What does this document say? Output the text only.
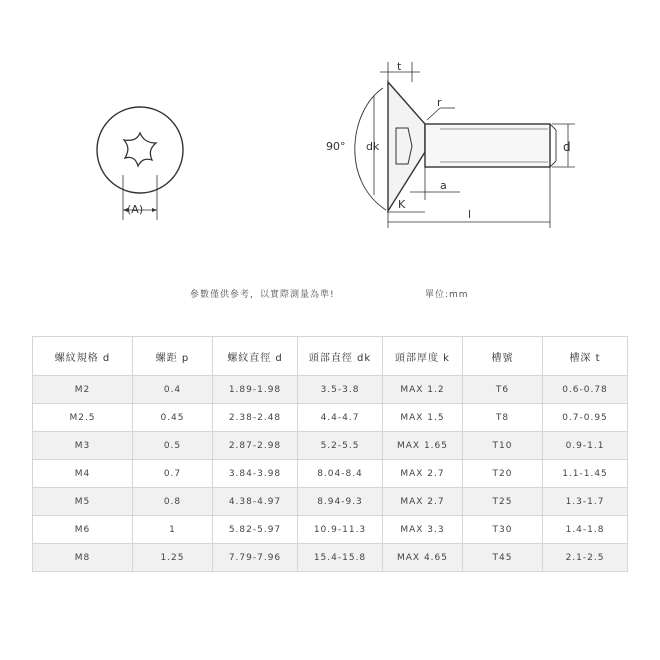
(A)
90° dk
t
r
d
a
K
l
參數僅供參考，以實際測量為準!	單位:mm
螺紋規格 d	螺距 p	螺紋直徑 d	頭部直徑 dk	頭部厚度 k	槽號	槽深 t
M2	0.4	1.89-1.98	3.5-3.8	MAX 1.2	T6	0.6-0.78
M2.5	0.45	2.38-2.48	4.4-4.7	MAX 1.5	T8	0.7-0.95
M3	0.5	2.87-2.98	5.2-5.5	MAX 1.65	T10	0.9-1.1
M4	0.7	3.84-3.98	8.04-8.4	MAX 2.7	T20	1.1-1.45
M5	0.8	4.38-4.97	8.94-9.3	MAX 2.7	T25	1.3-1.7
M6	1	5.82-5.97	10.9-11.3	MAX 3.3	T30	1.4-1.8
M8	1.25	7.79-7.96	15.4-15.8	MAX 4.65	T45	2.1-2.5
